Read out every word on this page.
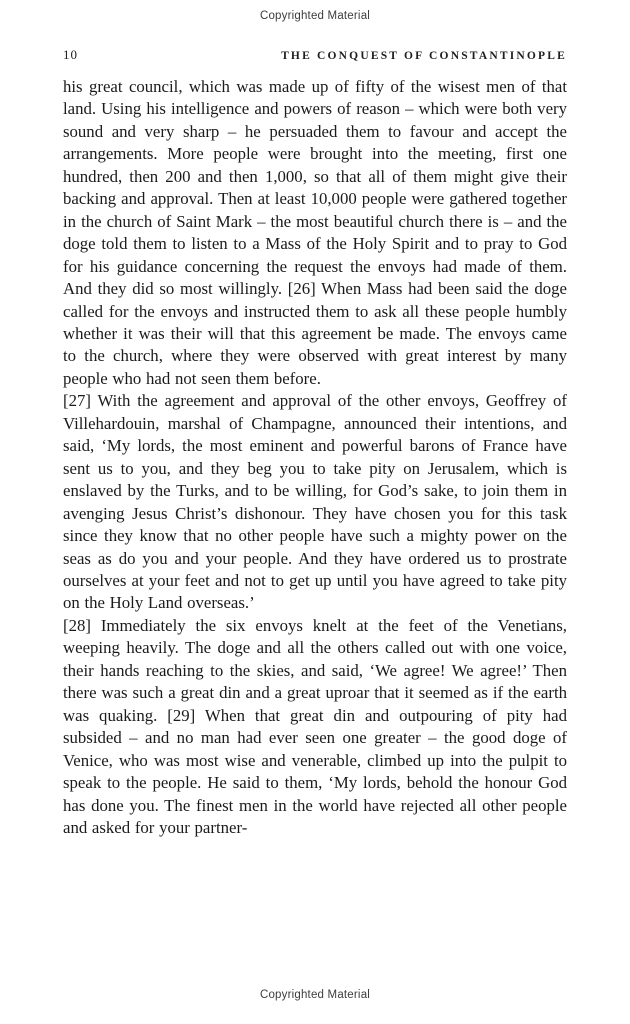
Copyrighted Material
10	THE CONQUEST OF CONSTANTINOPLE

his great council, which was made up of fifty of the wisest men of that land. Using his intelligence and powers of reason – which were both very sound and very sharp – he persuaded them to favour and accept the arrangements. More people were brought into the meeting, first one hundred, then 200 and then 1,000, so that all of them might give their backing and approval. Then at least 10,000 people were gathered together in the church of Saint Mark – the most beautiful church there is – and the doge told them to listen to a Mass of the Holy Spirit and to pray to God for his guidance concerning the request the envoys had made of them. And they did so most willingly. [26] When Mass had been said the doge called for the envoys and instructed them to ask all these people humbly whether it was their will that this agreement be made. The envoys came to the church, where they were observed with great interest by many people who had not seen them before.

[27] With the agreement and approval of the other envoys, Geoffrey of Villehardouin, marshal of Champagne, announced their intentions, and said, ‘My lords, the most eminent and powerful barons of France have sent us to you, and they beg you to take pity on Jerusalem, which is enslaved by the Turks, and to be willing, for God’s sake, to join them in avenging Jesus Christ’s dishonour. They have chosen you for this task since they know that no other people have such a mighty power on the seas as do you and your people. And they have ordered us to prostrate ourselves at your feet and not to get up until you have agreed to take pity on the Holy Land overseas.’

[28] Immediately the six envoys knelt at the feet of the Venetians, weeping heavily. The doge and all the others called out with one voice, their hands reaching to the skies, and said, ‘We agree! We agree!’ Then there was such a great din and a great uproar that it seemed as if the earth was quaking. [29] When that great din and outpouring of pity had subsided – and no man had ever seen one greater – the good doge of Venice, who was most wise and venerable, climbed up into the pulpit to speak to the people. He said to them, ‘My lords, behold the honour God has done you. The finest men in the world have rejected all other people and asked for your partner-

Copyrighted Material
